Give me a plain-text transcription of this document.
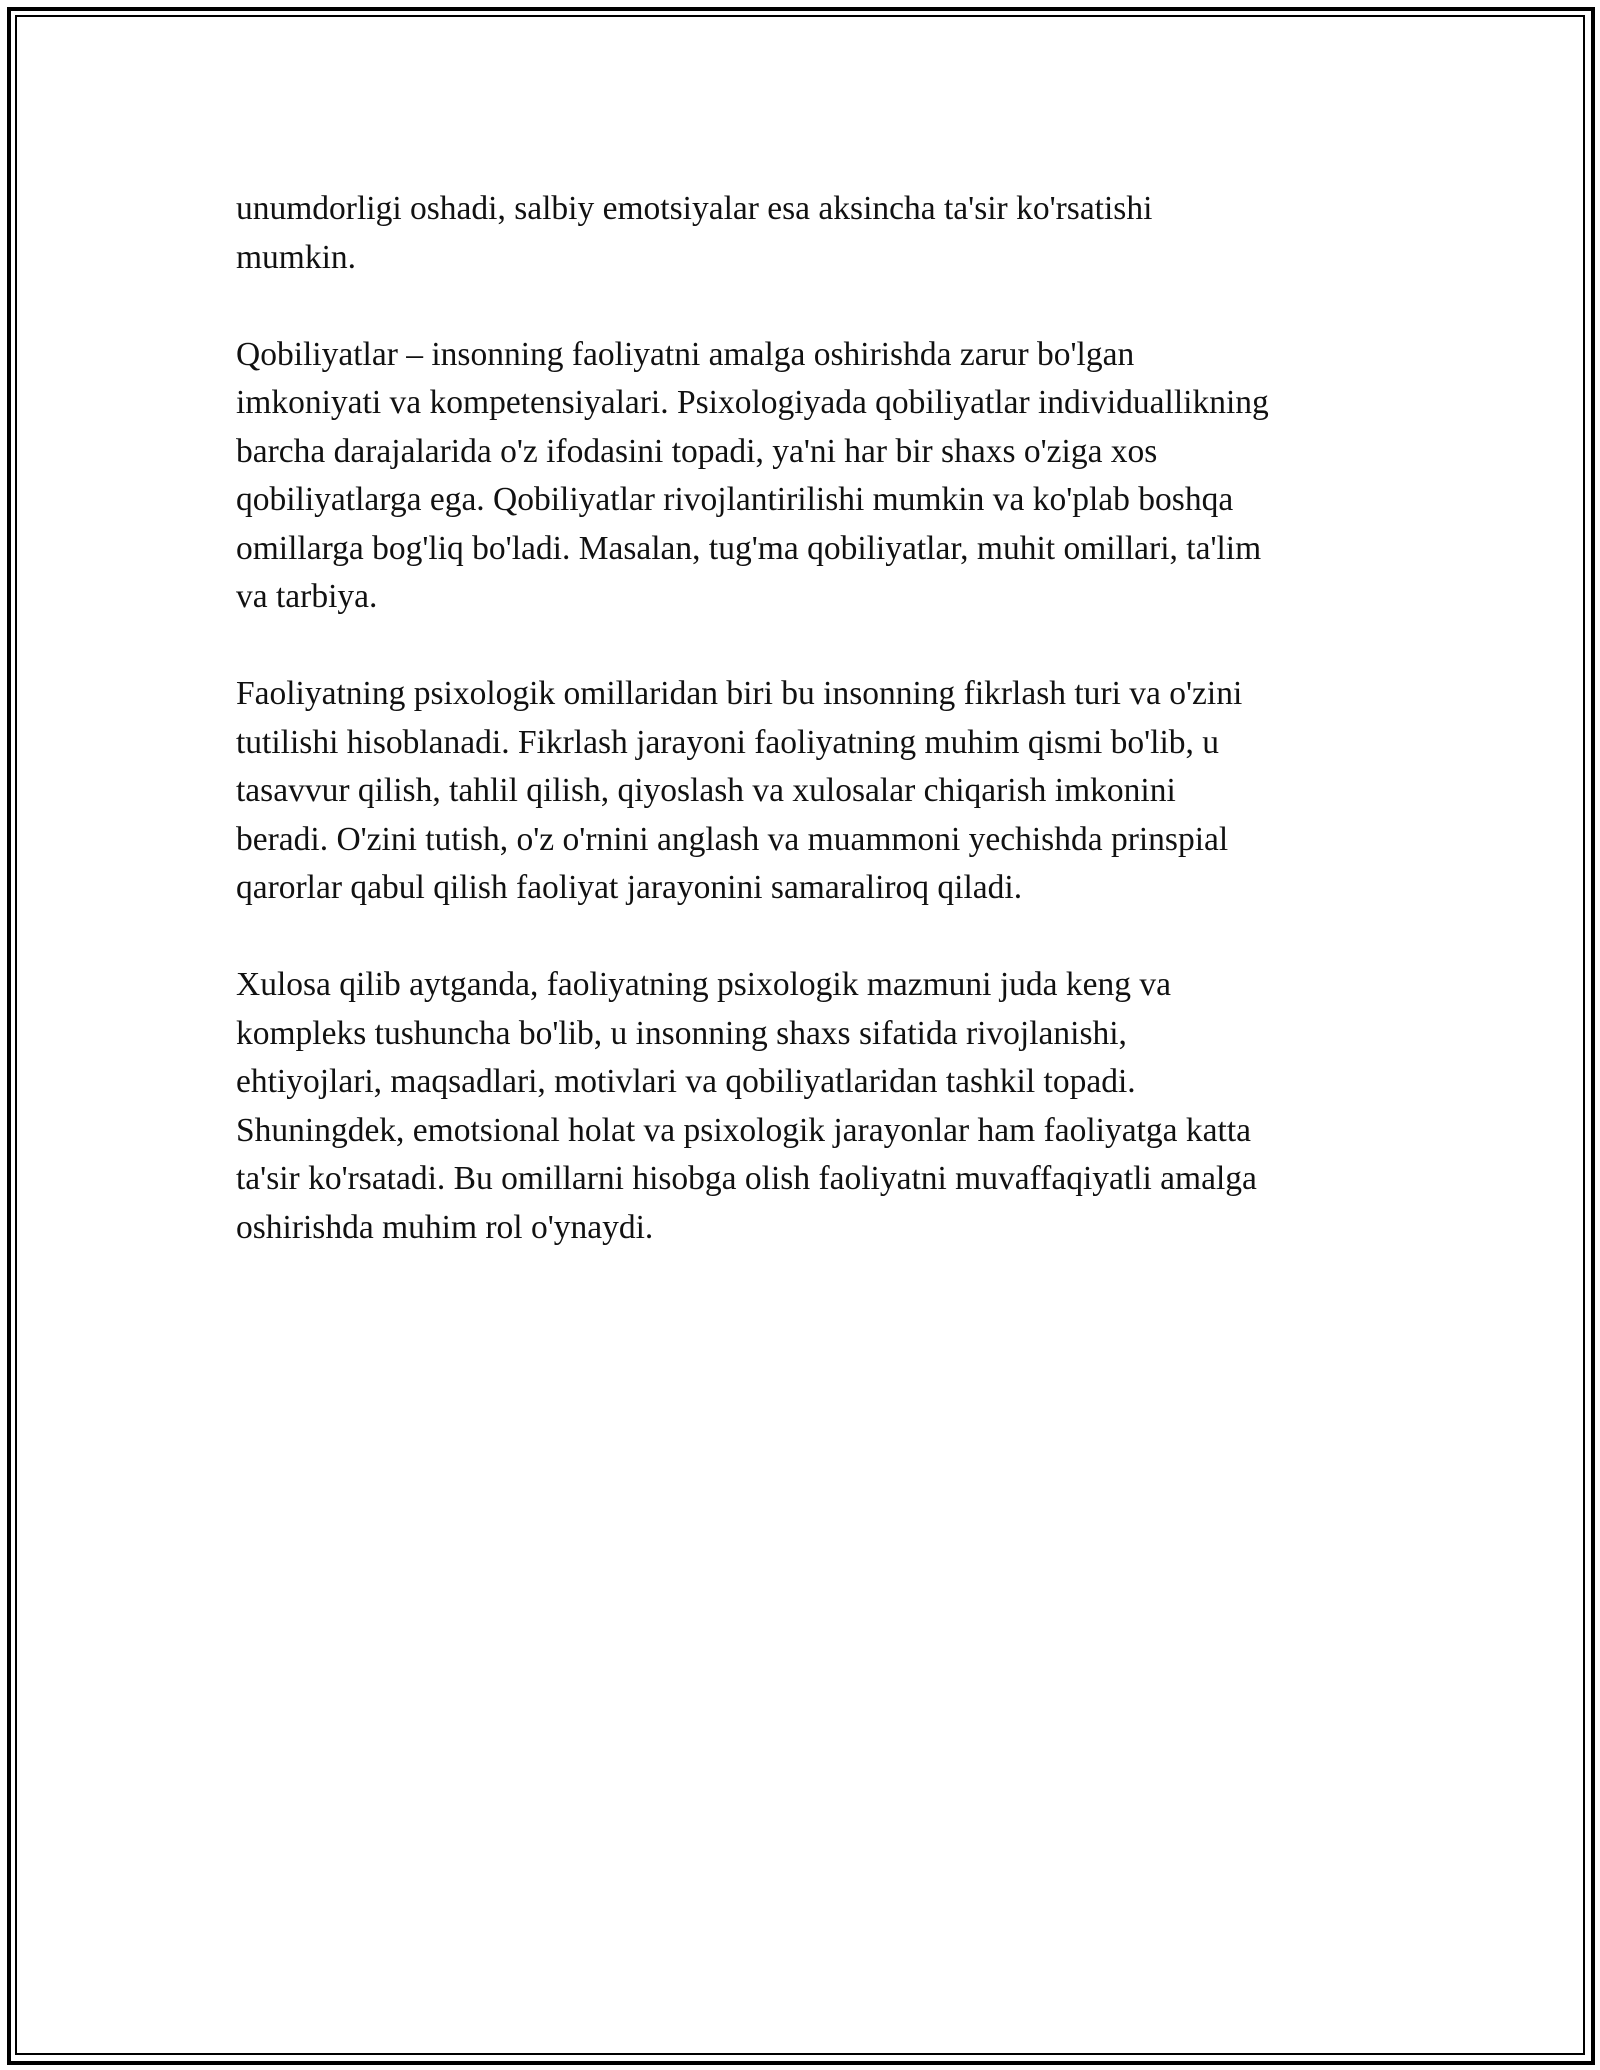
unumdorligi oshadi, salbiy emotsiyalar esa aksincha ta'sir ko'rsatishi
mumkin.

Qobiliyatlar – insonning faoliyatni amalga oshirishda zarur bo'lgan
imkoniyati va kompetensiyalari. Psixologiyada qobiliyatlar individuallikning
barcha darajalarida o'z ifodasini topadi, ya'ni har bir shaxs o'ziga xos
qobiliyatlarga ega. Qobiliyatlar rivojlantirilishi mumkin va ko'plab boshqa
omillarga bog'liq bo'ladi. Masalan, tug'ma qobiliyatlar, muhit omillari, ta'lim
va tarbiya.

Faoliyatning psixologik omillaridan biri bu insonning fikrlash turi va o'zini
tutilishi hisoblanadi. Fikrlash jarayoni faoliyatning muhim qismi bo'lib, u
tasavvur qilish, tahlil qilish, qiyoslash va xulosalar chiqarish imkonini
beradi. O'zini tutish, o'z o'rnini anglash va muammoni yechishda prinspial
qarorlar qabul qilish faoliyat jarayonini samaraliroq qiladi.

Xulosa qilib aytganda, faoliyatning psixologik mazmuni juda keng va
kompleks tushuncha bo'lib, u insonning shaxs sifatida rivojlanishi,
ehtiyojlari, maqsadlari, motivlari va qobiliyatlaridan tashkil topadi.
Shuningdek, emotsional holat va psixologik jarayonlar ham faoliyatga katta
ta'sir ko'rsatadi. Bu omillarni hisobga olish faoliyatni muvaffaqiyatli amalga
oshirishda muhim rol o'ynaydi.
